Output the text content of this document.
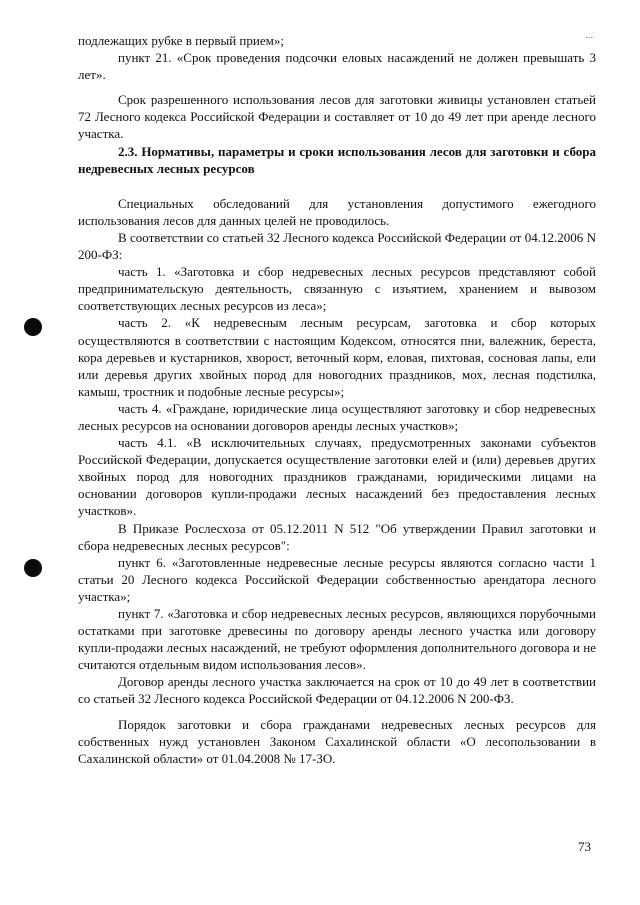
подлежащих рубке в первый прием»;

пункт 21. «Срок проведения подсочки еловых насаждений не должен превышать 3 лет».

Срок разрешенного использования лесов для заготовки живицы установлен статьей 72 Лесного кодекса Российской Федерации и составляет от 10 до 49 лет при аренде лесного участка.

2.3. Нормативы, параметры и сроки использования лесов для заготовки и сбора недревесных лесных ресурсов

Специальных обследований для установления допустимого ежегодного использования лесов для данных целей не проводилось.

В соответствии со статьей 32 Лесного кодекса Российской Федерации от 04.12.2006 N 200-ФЗ:

часть 1. «Заготовка и сбор недревесных лесных ресурсов представляют собой предпринимательскую деятельность, связанную с изъятием, хранением и вывозом соответствующих лесных ресурсов из леса»;

часть 2. «К недревесным лесным ресурсам, заготовка и сбор которых осуществляются в соответствии с настоящим Кодексом, относятся пни, валежник, береста, кора деревьев и кустарников, хворост, веточный корм, еловая, пихтовая, сосновая лапы, ели или деревья других хвойных пород для новогодних праздников, мох, лесная подстилка, камыш, тростник и подобные лесные ресурсы»;

часть 4. «Граждане, юридические лица осуществляют заготовку и сбор недревесных лесных ресурсов на основании договоров аренды лесных участков»;

часть 4.1. «В исключительных случаях, предусмотренных законами субъектов Российской Федерации, допускается осуществление заготовки елей и (или) деревьев других хвойных пород для новогодних праздников гражданами, юридическими лицами на основании договоров купли-продажи лесных насаждений без предоставления лесных участков».

В Приказе Рослесхоза от 05.12.2011 N 512 "Об утверждении Правил заготовки и сбора недревесных лесных ресурсов":

пункт 6. «Заготовленные недревесные лесные ресурсы являются согласно части 1 статьи 20 Лесного кодекса Российской Федерации собственностью арендатора лесного участка»;

пункт 7. «Заготовка и сбор недревесных лесных ресурсов, являющихся порубочными остатками при заготовке древесины по договору аренды лесного участка или договору купли-продажи лесных насаждений, не требуют оформления дополнительного договора и не считаются отдельным видом использования лесов».

Договор аренды лесного участка заключается на срок от 10 до 49 лет в соответствии со статьей 32 Лесного кодекса Российской Федерации от 04.12.2006 N 200-ФЗ.

Порядок заготовки и сбора гражданами недревесных лесных ресурсов для собственных нужд установлен Законом Сахалинской области «О лесопользовании в Сахалинской области» от 01.04.2008 № 17-ЗО.

73
